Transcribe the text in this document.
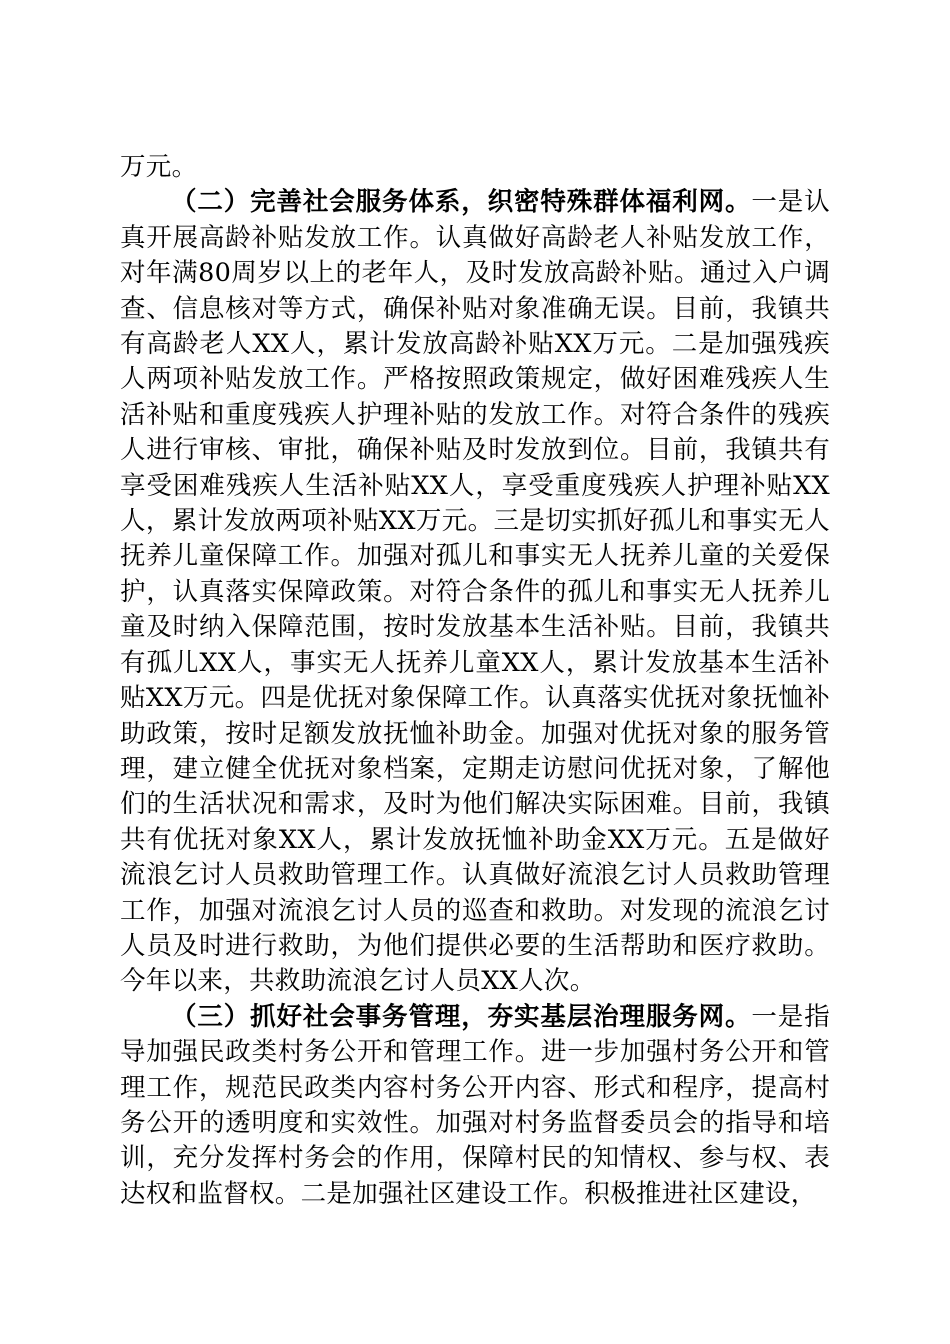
万元。

（二）完善社会服务体系，织密特殊群体福利网。一是认真开展高龄补贴发放工作。认真做好高龄老人补贴发放工作，对年满80周岁以上的老年人，及时发放高龄补贴。通过入户调查、信息核对等方式，确保补贴对象准确无误。目前，我镇共有高龄老人XX人，累计发放高龄补贴XX万元。二是加强残疾人两项补贴发放工作。严格按照政策规定，做好困难残疾人生活补贴和重度残疾人护理补贴的发放工作。对符合条件的残疾人进行审核、审批，确保补贴及时发放到位。目前，我镇共有享受困难残疾人生活补贴XX人，享受重度残疾人护理补贴XX人，累计发放两项补贴XX万元。三是切实抓好孤儿和事实无人抚养儿童保障工作。加强对孤儿和事实无人抚养儿童的关爱保护，认真落实保障政策。对符合条件的孤儿和事实无人抚养儿童及时纳入保障范围，按时发放基本生活补贴。目前，我镇共有孤儿XX人，事实无人抚养儿童XX人，累计发放基本生活补贴XX万元。四是优抚对象保障工作。认真落实优抚对象抚恤补助政策，按时足额发放抚恤补助金。加强对优抚对象的服务管理，建立健全优抚对象档案，定期走访慰问优抚对象，了解他们的生活状况和需求，及时为他们解决实际困难。目前，我镇共有优抚对象XX人，累计发放抚恤补助金XX万元。五是做好流浪乞讨人员救助管理工作。认真做好流浪乞讨人员救助管理工作，加强对流浪乞讨人员的巡查和救助。对发现的流浪乞讨人员及时进行救助，为他们提供必要的生活帮助和医疗救助。今年以来，共救助流浪乞讨人员XX人次。

（三）抓好社会事务管理，夯实基层治理服务网。一是指导加强民政类村务公开和管理工作。进一步加强村务公开和管理工作，规范民政类内容村务公开内容、形式和程序，提高村务公开的透明度和实效性。加强对村务监督委员会的指导和培训，充分发挥村务会的作用，保障村民的知情权、参与权、表达权和监督权。二是加强社区建设工作。积极推进社区建设，
